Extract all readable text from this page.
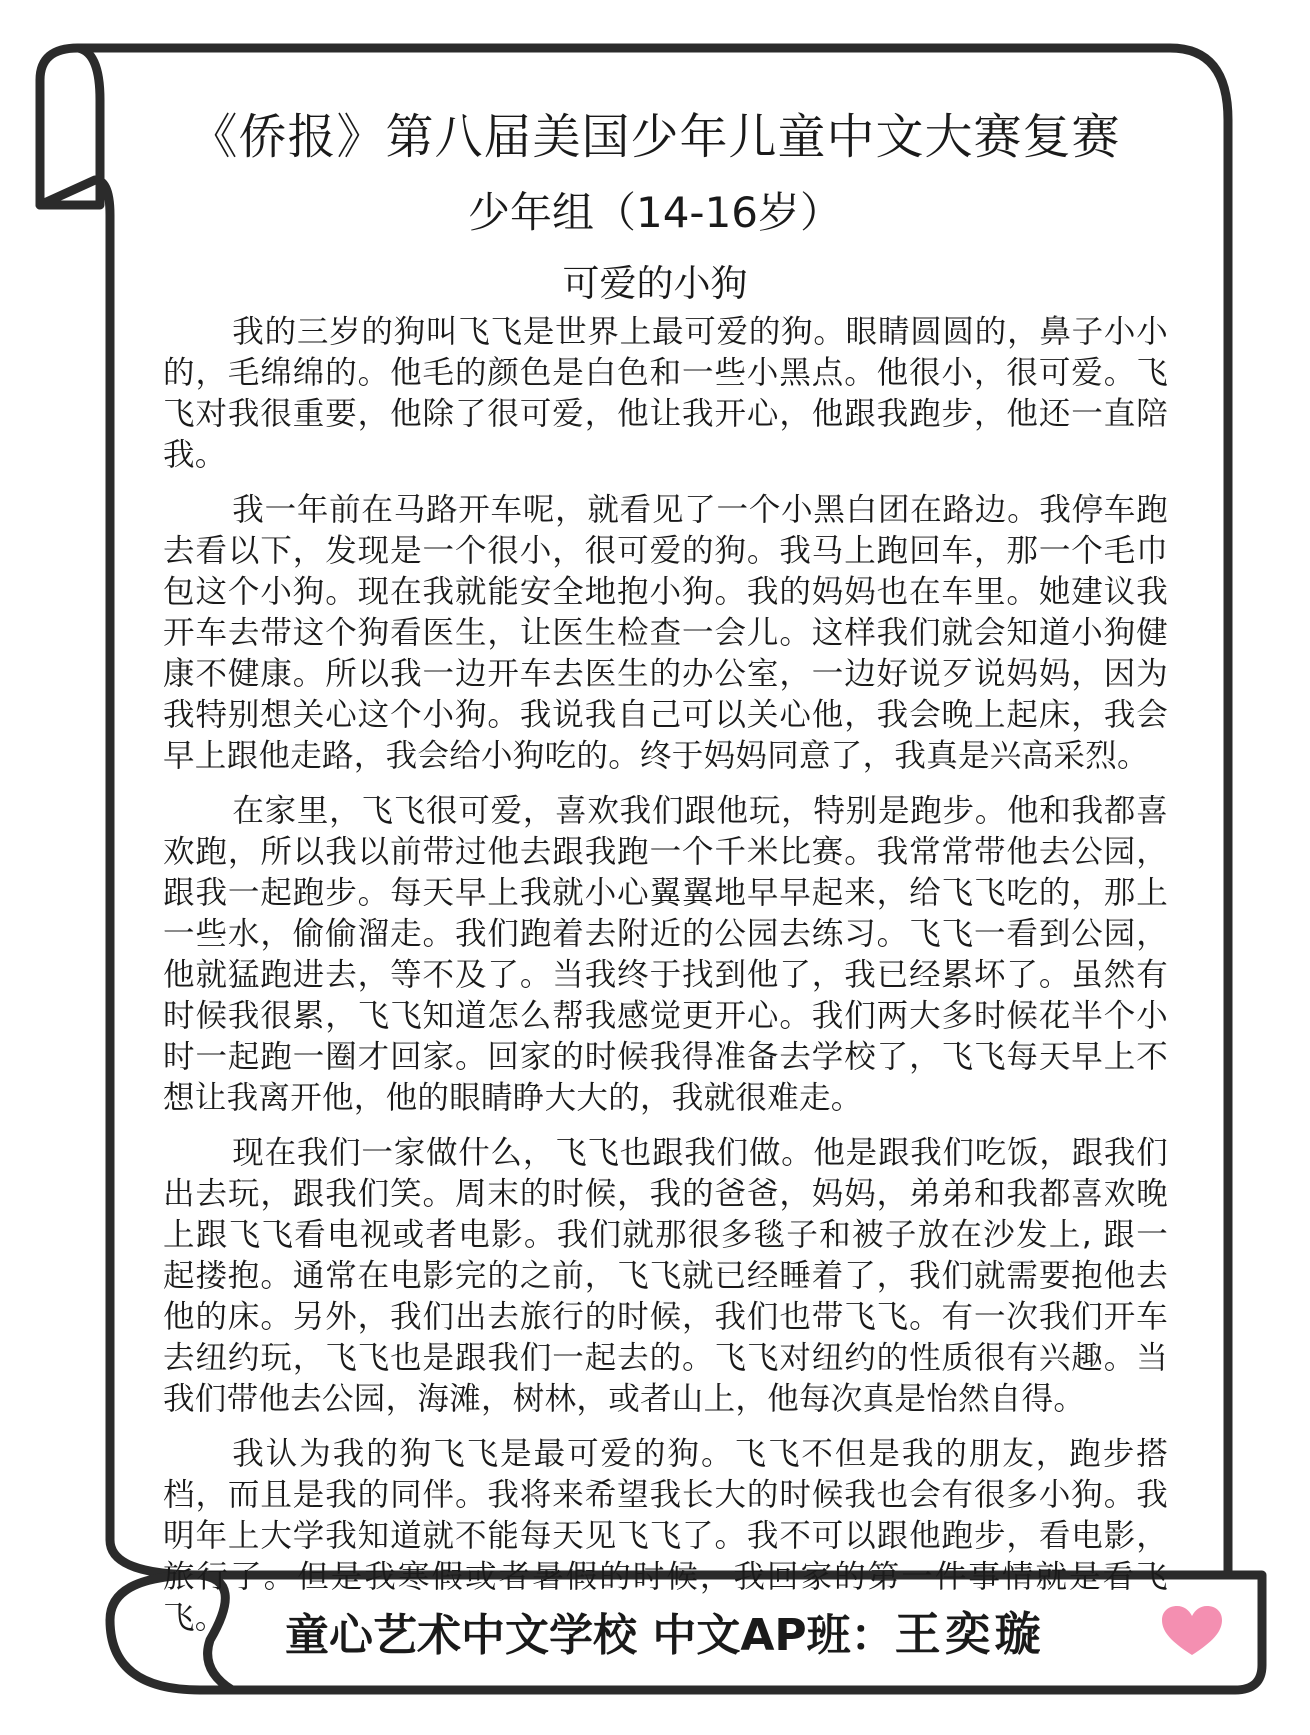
《侨报》第八届美国少年儿童中文大赛复赛
少年组（14-16岁）
可爱的小狗

我的三岁的狗叫飞飞是世界上最可爱的狗。眼睛圆圆的，鼻子小小的，毛绵绵的。他毛的颜色是白色和一些小黑点。他很小，很可爱。飞飞对我很重要，他除了很可爱，他让我开心，他跟我跑步，他还一直陪我。

我一年前在马路开车呢，就看见了一个小黑白团在路边。我停车跑去看以下，发现是一个很小，很可爱的狗。我马上跑回车，那一个毛巾包这个小狗。现在我就能安全地抱小狗。我的妈妈也在车里。她建议我开车去带这个狗看医生，让医生检查一会儿。这样我们就会知道小狗健康不健康。所以我一边开车去医生的办公室，一边好说歹说妈妈，因为我特别想关心这个小狗。我说我自己可以关心他，我会晚上起床，我会早上跟他走路，我会给小狗吃的。终于妈妈同意了，我真是兴高采烈。

在家里，飞飞很可爱，喜欢我们跟他玩，特别是跑步。他和我都喜欢跑，所以我以前带过他去跟我跑一个千米比赛。我常常带他去公园，跟我一起跑步。每天早上我就小心翼翼地早早起来，给飞飞吃的，那上一些水，偷偷溜走。我们跑着去附近的公园去练习。飞飞一看到公园，他就猛跑进去，等不及了。当我终于找到他了，我已经累坏了。虽然有时候我很累，飞飞知道怎么帮我感觉更开心。我们两大多时候花半个小时一起跑一圈才回家。回家的时候我得准备去学校了，飞飞每天早上不想让我离开他，他的眼睛睁大大的，我就很难走。

现在我们一家做什么，飞飞也跟我们做。他是跟我们吃饭，跟我们出去玩，跟我们笑。周末的时候，我的爸爸，妈妈，弟弟和我都喜欢晚上跟飞飞看电视或者电影。我们就那很多毯子和被子放在沙发上, 跟一起搂抱。通常在电影完的之前，飞飞就已经睡着了，我们就需要抱他去他的床。另外，我们出去旅行的时候，我们也带飞飞。有一次我们开车去纽约玩，飞飞也是跟我们一起去的。飞飞对纽约的性质很有兴趣。当我们带他去公园，海滩，树林，或者山上，他每次真是怡然自得。

我认为我的狗飞飞是最可爱的狗。飞飞不但是我的朋友，跑步搭档，而且是我的同伴。我将来希望我长大的时候我也会有很多小狗。我明年上大学我知道就不能每天见飞飞了。我不可以跟他跑步，看电影，旅行了。但是我寒假或者暑假的时候，我回家的第一件事情就是看飞飞。	童心艺术中文学校 中文AP班：王奕璇
